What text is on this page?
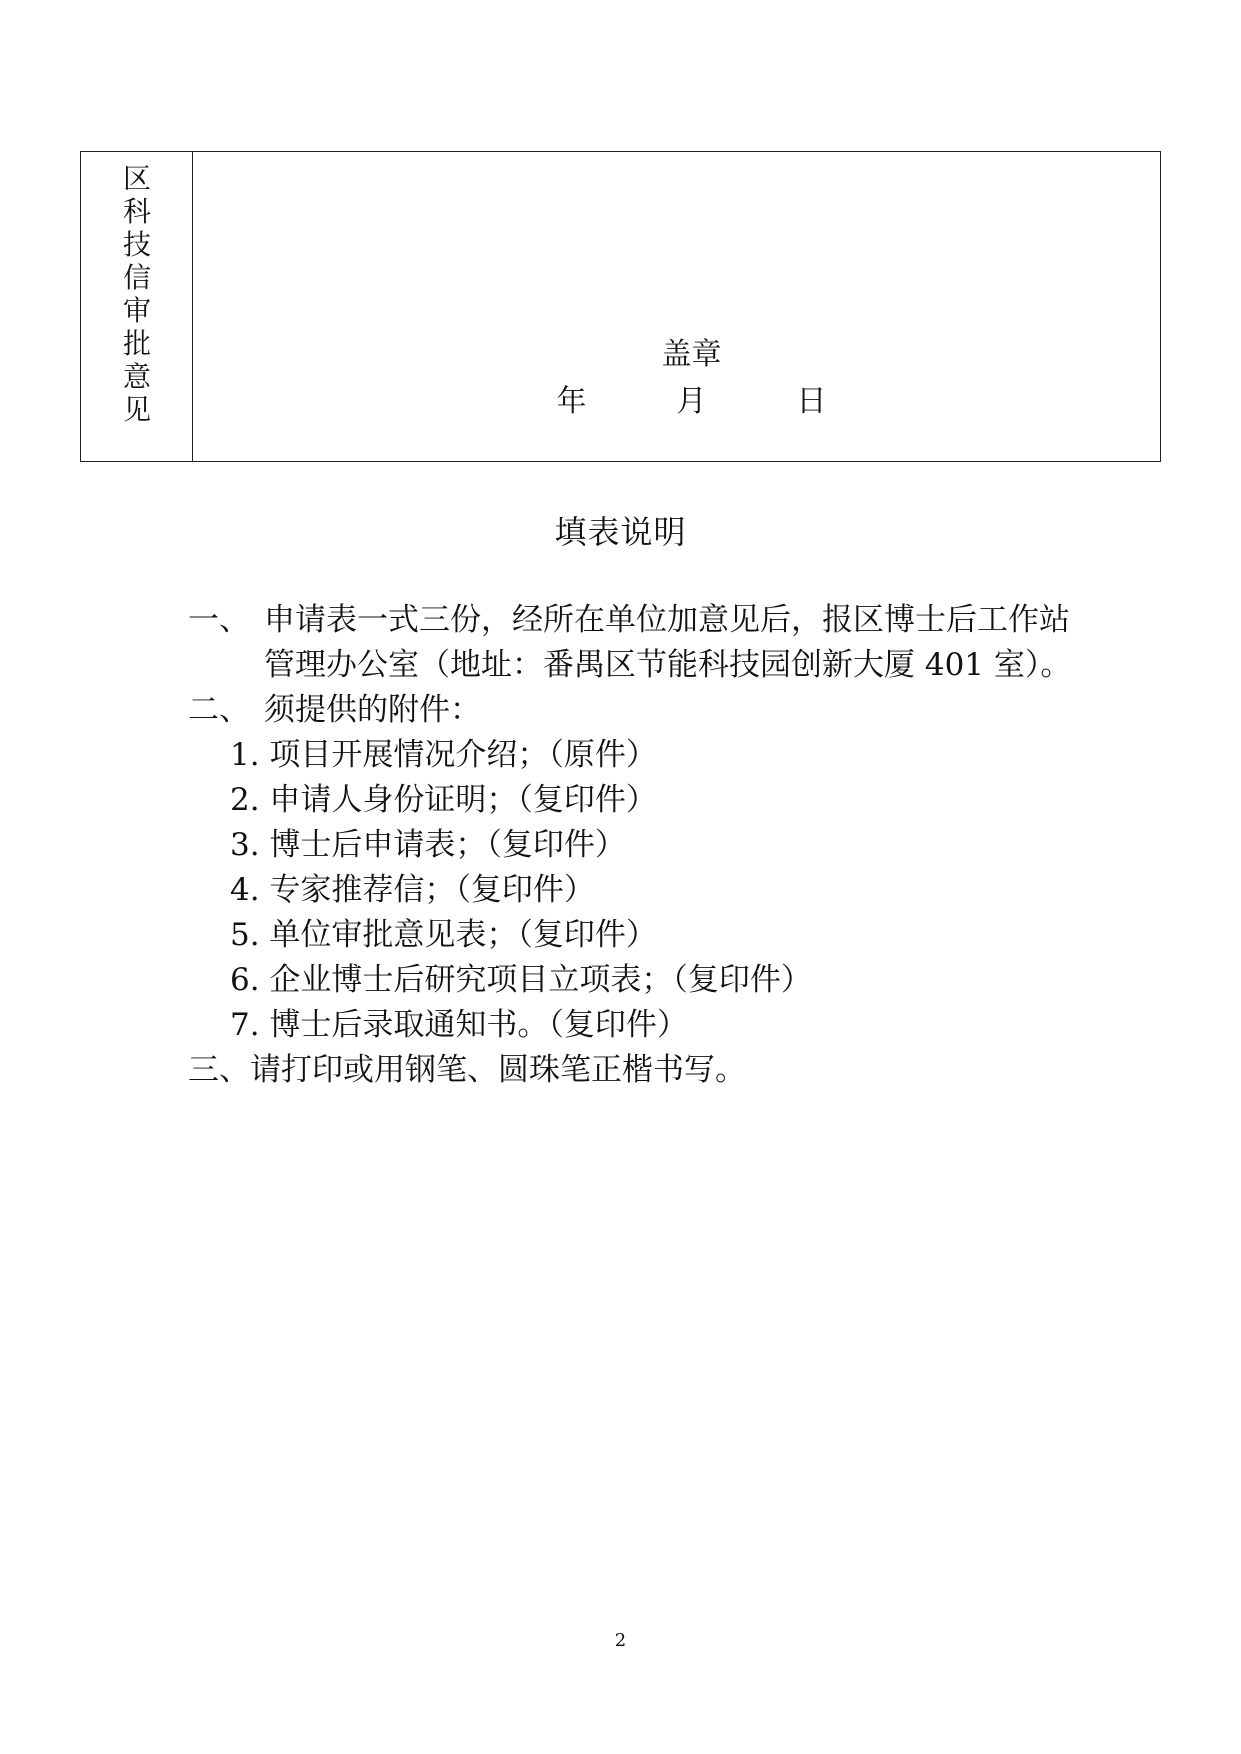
区科技信审批意见
盖章
年　　　月　　　日
填表说明
一、 申请表一式三份，经所在单位加意见后，报区博士后工作站管理办公室（地址：番禺区节能科技园创新大厦 401 室）。
二、 须提供的附件：
1. 项目开展情况介绍；（原件）
2. 申请人身份证明；（复印件）
3. 博士后申请表；（复印件）
4. 专家推荐信；（复印件）
5. 单位审批意见表；（复印件）
6. 企业博士后研究项目立项表；（复印件）
7. 博士后录取通知书。（复印件）
三、 请打印或用钢笔、圆珠笔正楷书写。
2
